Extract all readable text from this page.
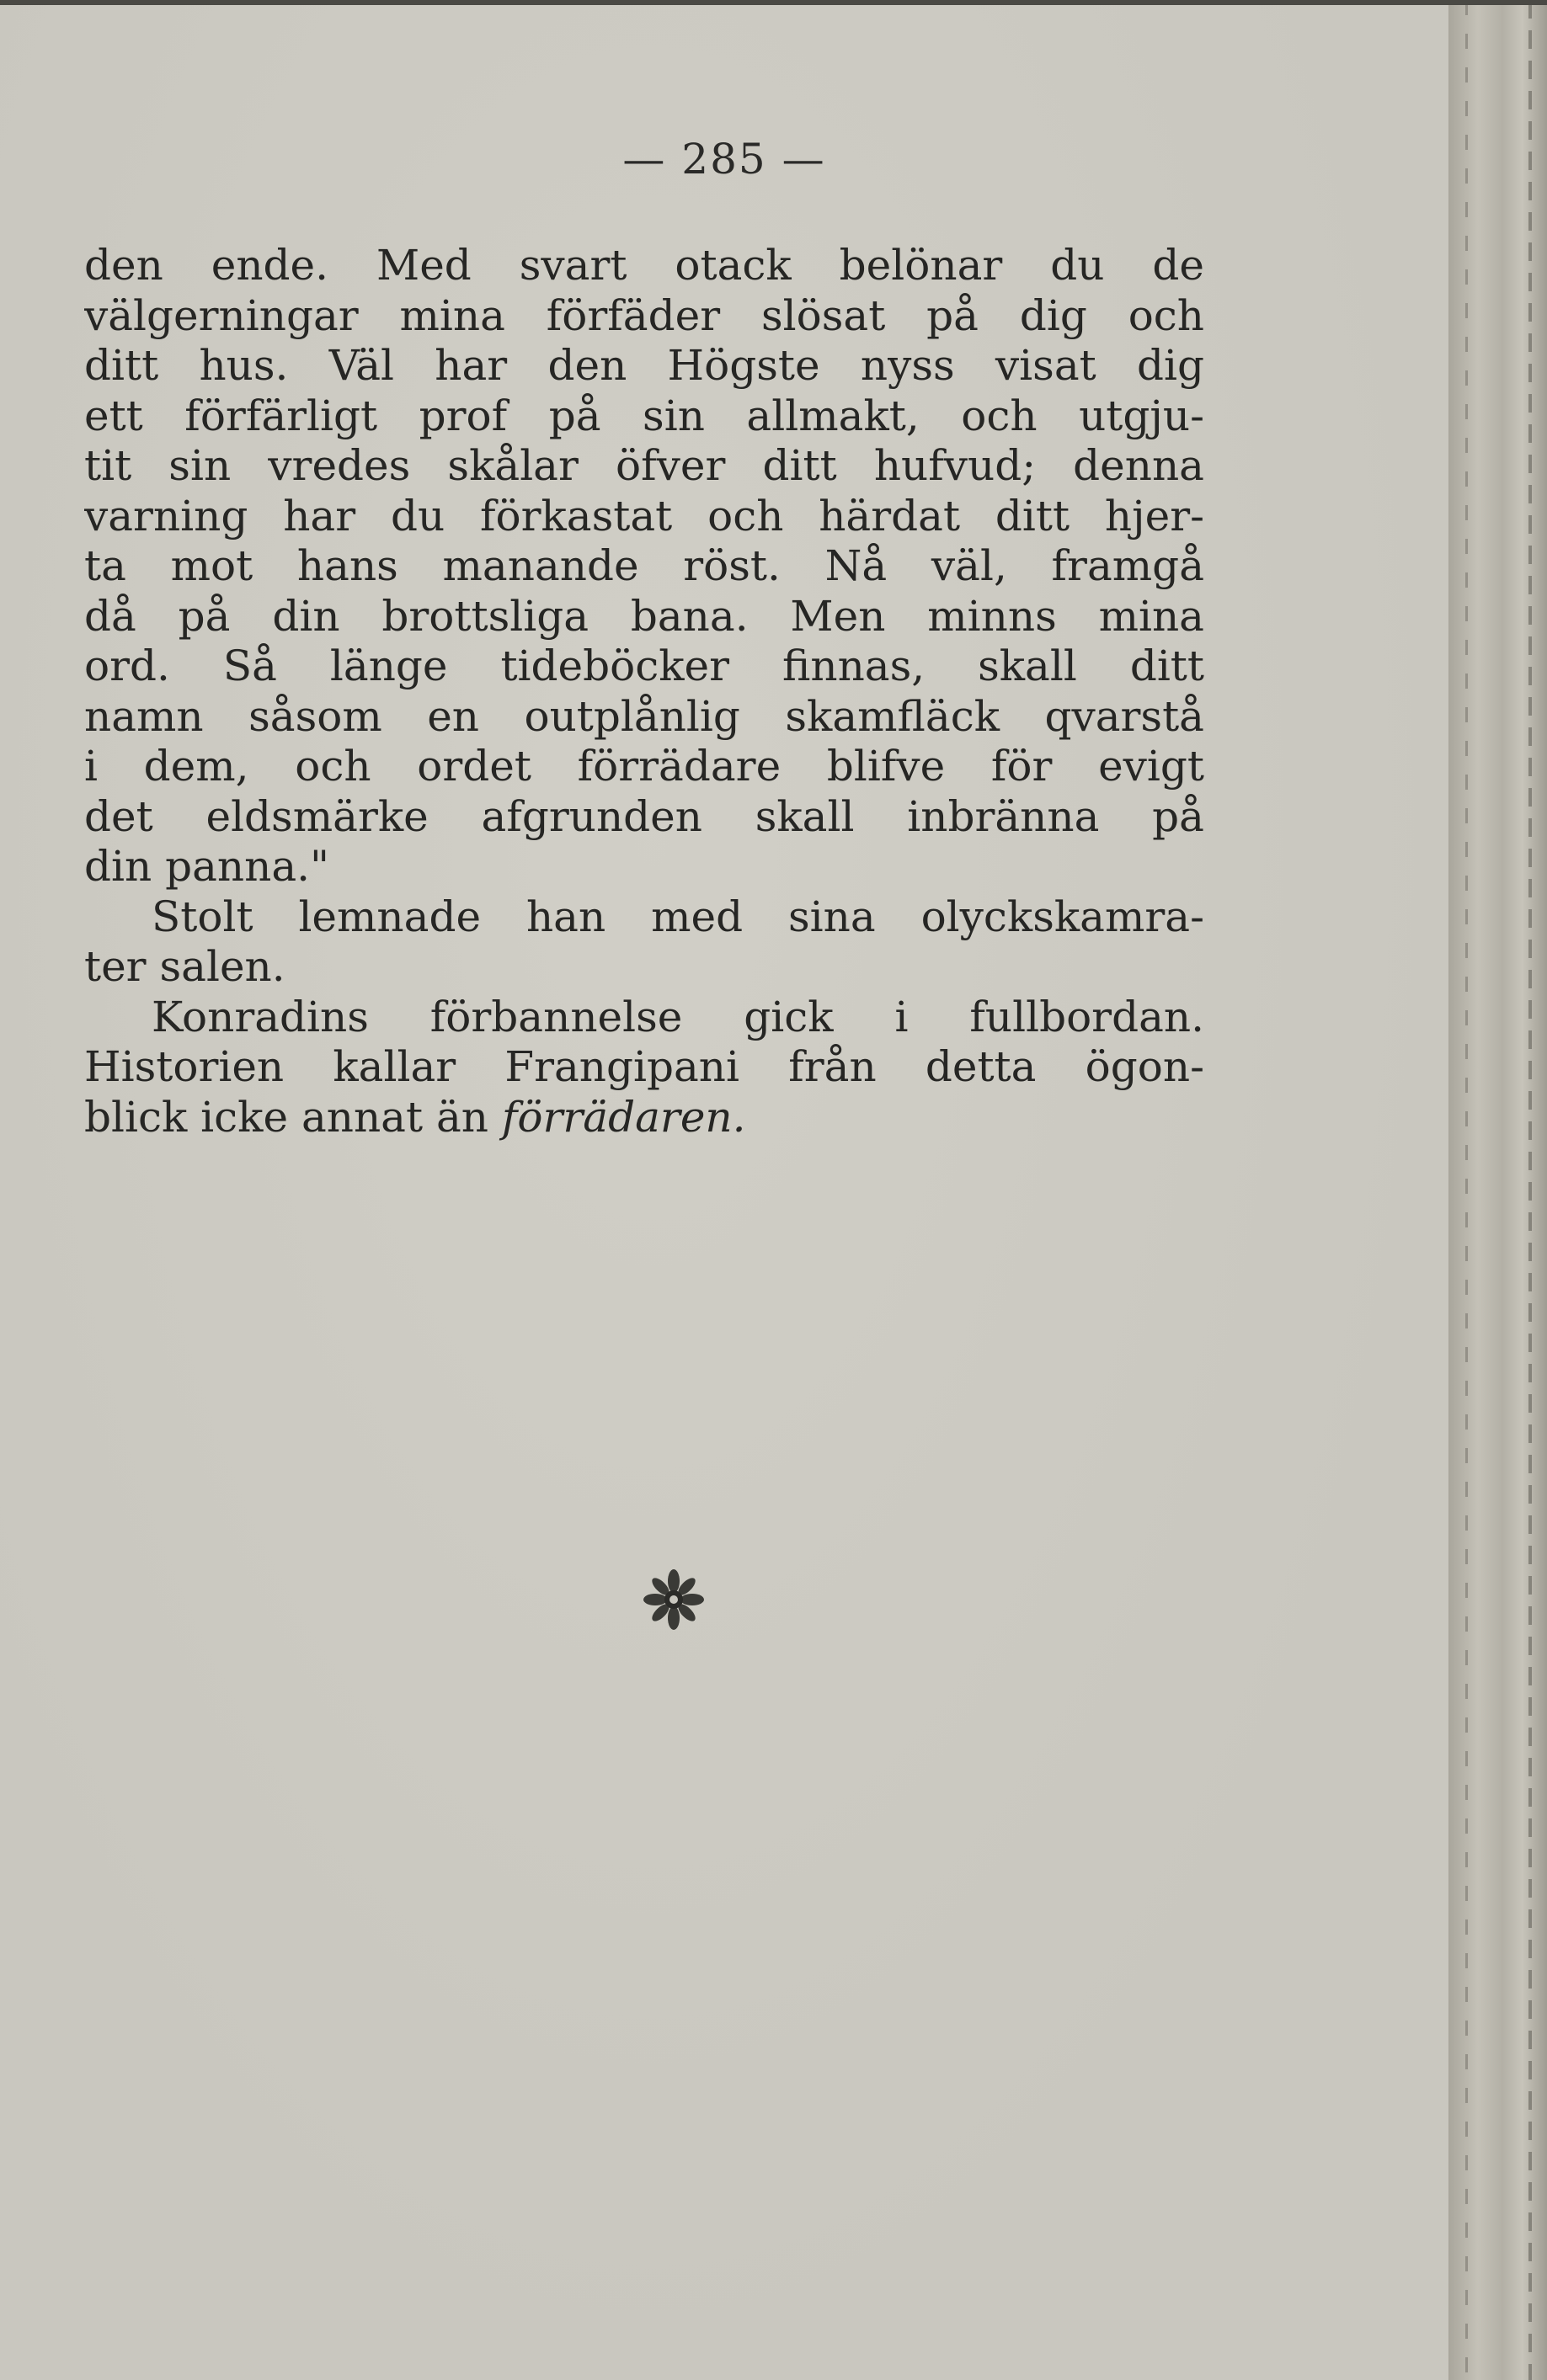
— 285 —
den ende. Med svart otack belönar du de
välgerningar mina förfäder slösat på dig och
ditt hus. Väl har den Högste nyss visat dig
ett förfärligt prof på sin allmakt, och utgju-
tit sin vredes skålar öfver ditt hufvud; denna
varning har du förkastat och härdat ditt hjer-
ta mot hans manande röst. Nå väl, framgå
då på din brottsliga bana. Men minns mina
ord. Så länge tideböcker finnas, skall ditt
namn såsom en outplånlig skamfläck qvarstå
i dem, och ordet förrädare blifve för evigt
det eldsmärke afgrunden skall inbränna på
din panna."
Stolt lemnade han med sina olyckskamra-
ter salen.
Konradins förbannelse gick i fullbordan.
Historien kallar Frangipani från detta ögon-
blick icke annat än förrädaren.
